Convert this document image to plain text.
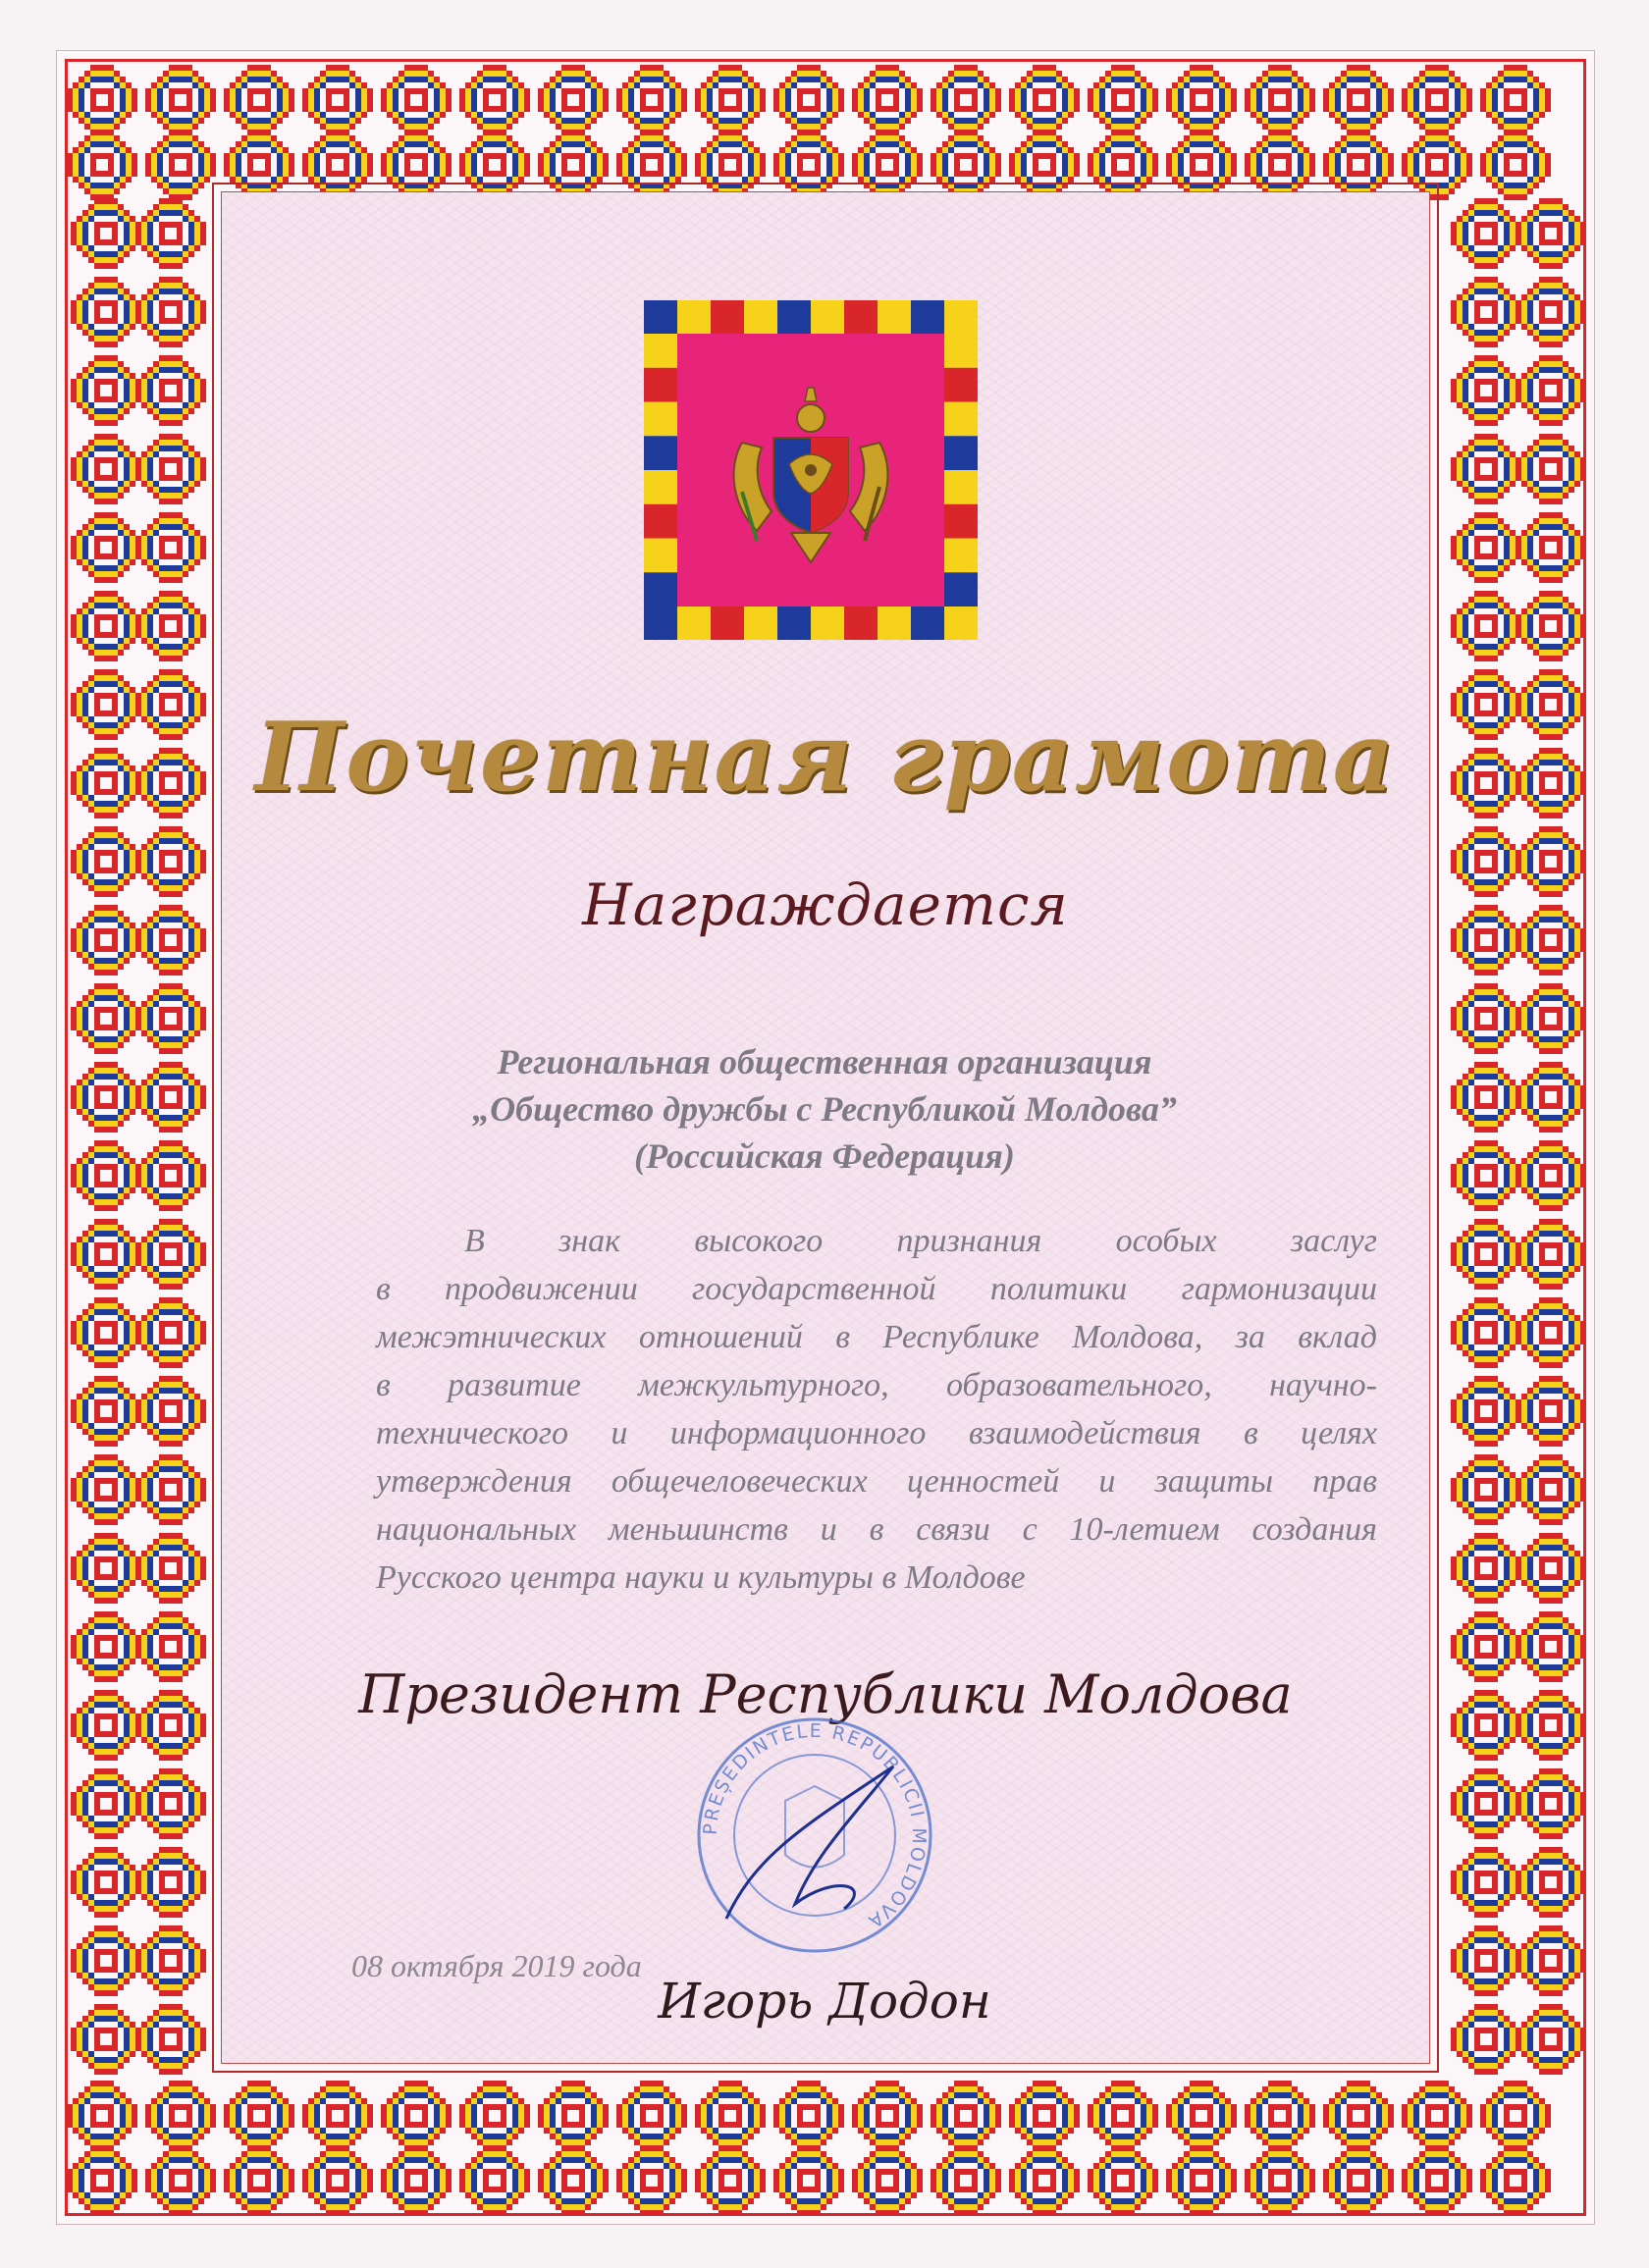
Почетная грамота
Награждается
Региональная общественная организация
„Общество дружбы с Республикой Молдова”
(Российская Федерация)
В знак высокого признания особых заслуг
в продвижении государственной политики гармонизации
межэтнических отношений в Республике Молдова, за вклад
в развитие межкультурного, образовательного, научно-
технического и информационного взаимодействия в целях
утверждения общечеловеческих ценностей и защиты прав
национальных меньшинств и в связи с 10-летием создания
Русского центра науки и культуры в Молдове
Президент Республики Молдова
PREȘEDINTELE REPUBLICII MOLDOVA
Игорь Додон
08 октября 2019 года
